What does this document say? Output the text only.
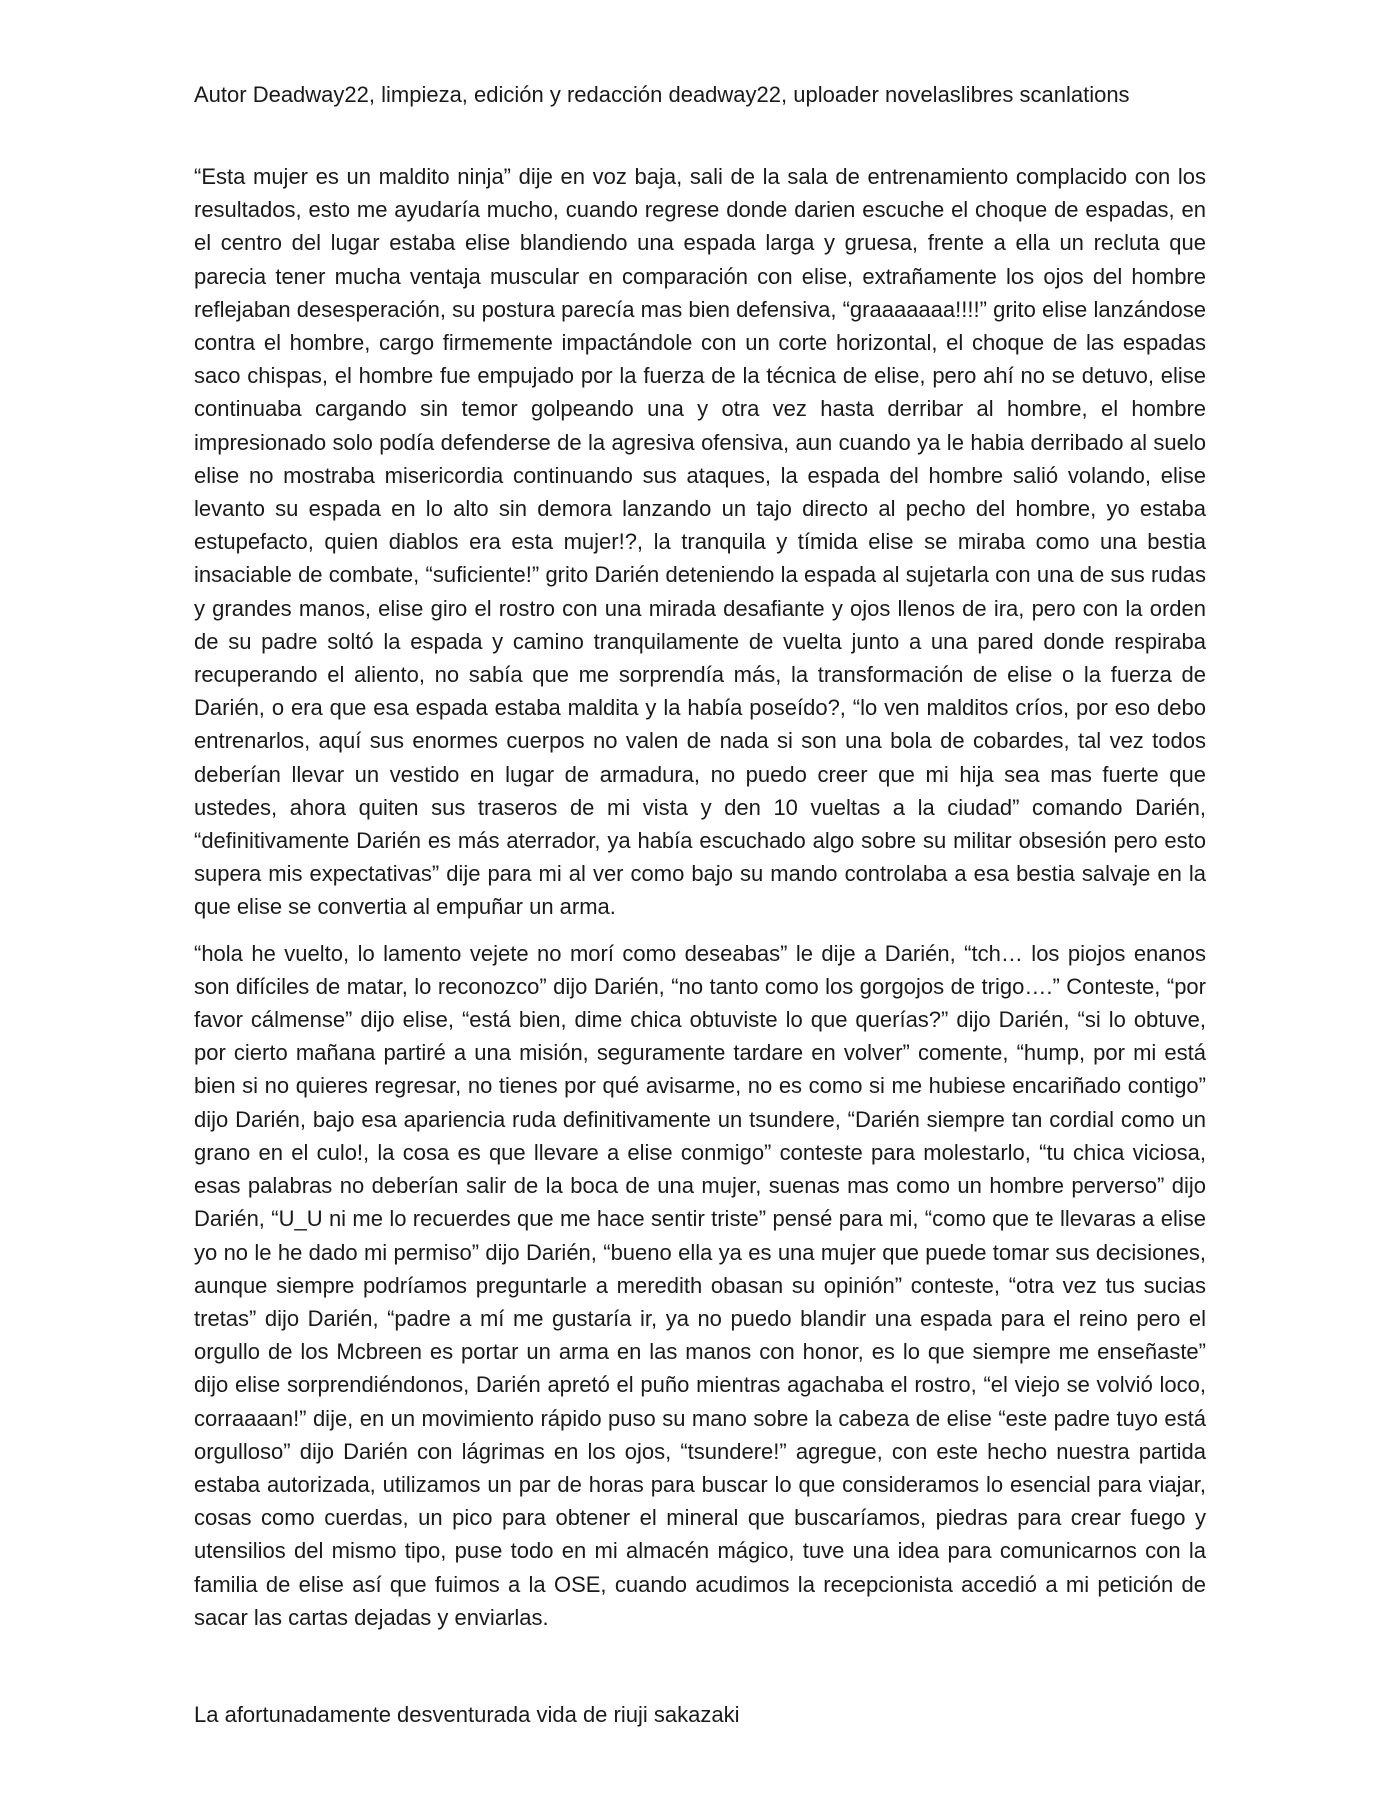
Autor Deadway22, limpieza, edición y redacción deadway22, uploader novelaslibres scanlations

“Esta mujer es un maldito ninja” dije en voz baja, sali de la sala de entrenamiento complacido con los resultados, esto me ayudaría mucho, cuando regrese donde darien escuche el choque de espadas, en el centro del lugar estaba elise blandiendo una espada larga y gruesa, frente a ella un recluta que parecia tener mucha ventaja muscular en comparación con elise, extrañamente los ojos del hombre reflejaban desesperación, su postura parecía mas bien defensiva, “graaaaaaa!!!!” grito elise lanzándose contra el hombre, cargo firmemente impactándole con un corte horizontal, el choque de las espadas saco chispas, el hombre fue empujado por la fuerza de la técnica de elise, pero ahí no se detuvo, elise continuaba cargando sin temor golpeando una y otra vez hasta derribar al hombre, el hombre impresionado solo podía defenderse de la agresiva ofensiva, aun cuando ya le habia derribado al suelo elise no mostraba misericordia continuando sus ataques, la espada del hombre salió volando, elise levanto su espada en lo alto sin demora lanzando un tajo directo al pecho del hombre, yo estaba estupefacto, quien diablos era esta mujer!?, la tranquila y tímida elise se miraba como una bestia insaciable de combate, “suficiente!” grito Darién deteniendo la espada al sujetarla con una de sus rudas y grandes manos, elise giro el rostro con una mirada desafiante y ojos llenos de ira, pero con la orden de su padre soltó la espada y camino tranquilamente de vuelta junto a una pared donde respiraba recuperando el aliento, no sabía que me sorprendía más, la transformación de elise o la fuerza de Darién, o era que esa espada estaba maldita y la había poseído?, “lo ven malditos críos, por eso debo entrenarlos, aquí sus enormes cuerpos no valen de nada si son una bola de cobardes, tal vez todos deberían llevar un vestido en lugar de armadura, no puedo creer que mi hija sea mas fuerte que ustedes, ahora quiten sus traseros de mi vista y den 10 vueltas a la ciudad” comando Darién, “definitivamente Darién es más aterrador, ya había escuchado algo sobre su militar obsesión pero esto supera mis expectativas” dije para mi al ver como bajo su mando controlaba a esa bestia salvaje en la que elise se convertia al empuñar un arma.

“hola he vuelto, lo lamento vejete no morí como deseabas” le dije a Darién, “tch… los piojos enanos son difíciles de matar, lo reconozco” dijo Darién, “no tanto como los gorgojos de trigo….” Conteste, “por favor cálmense” dijo elise, “está bien, dime chica obtuviste lo que querías?” dijo Darién, “si lo obtuve, por cierto mañana partiré a una misión, seguramente tardare en volver” comente, “hump, por mi está bien si no quieres regresar, no tienes por qué avisarme, no es como si me hubiese encariñado contigo” dijo Darién, bajo esa apariencia ruda definitivamente un tsundere, “Darién siempre tan cordial como un grano en el culo!, la cosa es que llevare a elise conmigo” conteste para molestarlo, “tu chica viciosa, esas palabras no deberían salir de la boca de una mujer, suenas mas como un hombre perverso” dijo Darién, “U_U ni me lo recuerdes que me hace sentir triste” pensé para mi, “como que te llevaras a elise yo no le he dado mi permiso” dijo Darién, “bueno ella ya es una mujer que puede tomar sus decisiones, aunque siempre podríamos preguntarle a meredith obasan su opinión” conteste, “otra vez tus sucias tretas” dijo Darién, “padre a mí me gustaría ir, ya no puedo blandir una espada para el reino pero el orgullo de los Mcbreen es portar un arma en las manos con honor, es lo que siempre me enseñaste” dijo elise sorprendiéndonos, Darién apretó el puño mientras agachaba el rostro, “el viejo se volvió loco, corraaaan!” dije, en un movimiento rápido puso su mano sobre la cabeza de elise “este padre tuyo está orgulloso” dijo Darién con lágrimas en los ojos, “tsundere!” agregue, con este hecho nuestra partida estaba autorizada, utilizamos un par de horas para buscar lo que consideramos lo esencial para viajar, cosas como cuerdas, un pico para obtener el mineral que buscaríamos, piedras para crear fuego y utensilios del mismo tipo, puse todo en mi almacén mágico, tuve una idea para comunicarnos con la familia de elise así que fuimos a la OSE, cuando acudimos la recepcionista accedió a mi petición de sacar las cartas dejadas y enviarlas.

La afortunadamente desventurada vida de riuji sakazaki
